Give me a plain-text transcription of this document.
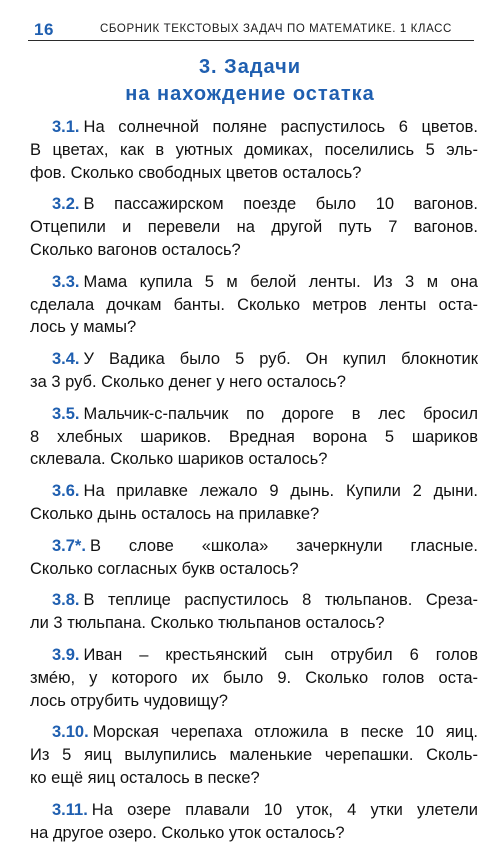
16	СБОРНИК ТЕКСТОВЫХ ЗАДАЧ ПО МАТЕМАТИКЕ. 1 КЛАСС
3. Задачи
на нахождение остатка
3.1. На солнечной поляне распустилось 6 цветов.
В цветах, как в уютных домиках, поселились 5 эль-
фов. Сколько свободных цветов осталось?
3.2. В пассажирском поезде было 10 вагонов.
Отцепили и перевели на другой путь 7 вагонов.
Сколько вагонов осталось?
3.3. Мама купила 5 м белой ленты. Из 3 м она
сделала дочкам банты. Сколько метров ленты оста-
лось у мамы?
3.4. У Вадика было 5 руб. Он купил блокнотик
за 3 руб. Сколько денег у него осталось?
3.5. Мальчик-с-пальчик по дороге в лес бросил
8 хлебных шариков. Вредная ворона 5 шариков
склевала. Сколько шариков осталось?
3.6. На прилавке лежало 9 дынь. Купили 2 дыни.
Сколько дынь осталось на прилавке?
3.7*. В слове «школа» зачеркнули гласные.
Сколько согласных букв осталось?
3.8. В теплице распустилось 8 тюльпанов. Среза-
ли 3 тюльпана. Сколько тюльпанов осталось?
3.9. Иван – крестьянский сын отрубил 6 голов
змéю, у которого их было 9. Сколько голов оста-
лось отрубить чудовищу?
3.10. Морская черепаха отложила в песке 10 яиц.
Из 5 яиц вылупились маленькие черепашки. Сколь-
ко ещё яиц осталось в песке?
3.11. На озере плавали 10 уток, 4 утки улетели
на другое озеро. Сколько уток осталось?
